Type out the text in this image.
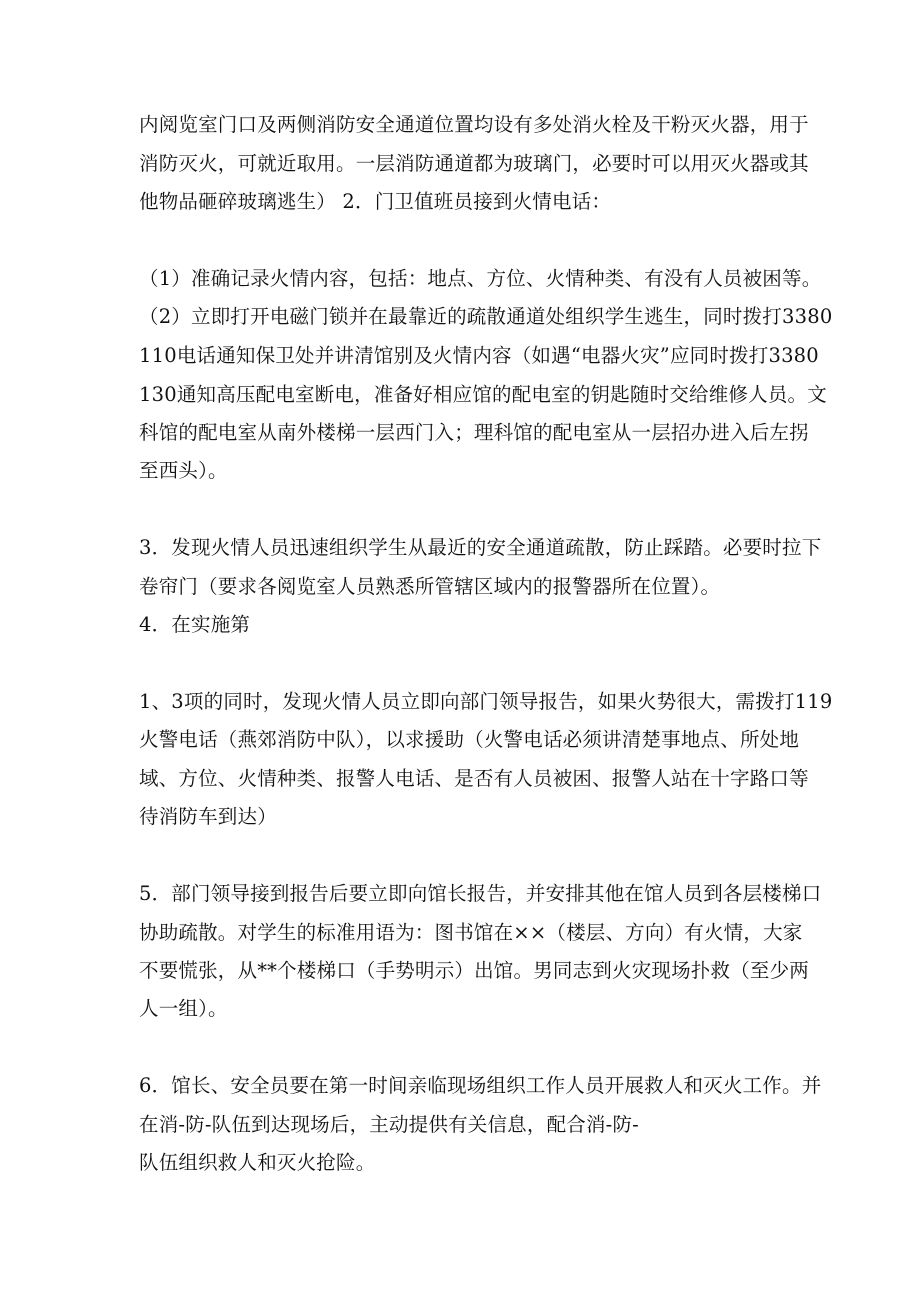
内阅览室门口及两侧消防安全通道位置均设有多处消火栓及干粉灭火器，用于
消防灭火，可就近取用。一层消防通道都为玻璃门，必要时可以用灭火器或其
他物品砸碎玻璃逃生） 2．门卫值班员接到火情电话：
（1）准确记录火情内容，包括：地点、方位、火情种类、有没有人员被困等。
（2）立即打开电磁门锁并在最靠近的疏散通道处组织学生逃生，同时拨打3380
110电话通知保卫处并讲清馆别及火情内容（如遇“电器火灾”应同时拨打3380
130通知高压配电室断电，准备好相应馆的配电室的钥匙随时交给维修人员。文
科馆的配电室从南外楼梯一层西门入；理科馆的配电室从一层招办进入后左拐
至西头）。
3．发现火情人员迅速组织学生从最近的安全通道疏散，防止踩踏。必要时拉下
卷帘门（要求各阅览室人员熟悉所管辖区域内的报警器所在位置）。
4．在实施第
1、3项的同时，发现火情人员立即向部门领导报告，如果火势很大，需拨打119
火警电话（燕郊消防中队），以求援助（火警电话必须讲清楚事地点、所处地
域、方位、火情种类、报警人电话、是否有人员被困、报警人站在十字路口等
待消防车到达）
5．部门领导接到报告后要立即向馆长报告，并安排其他在馆人员到各层楼梯口
协助疏散。对学生的标准用语为：图书馆在××（楼层、方向）有火情，大家
不要慌张，从**个楼梯口（手势明示）出馆。男同志到火灾现场扑救（至少两
人一组）。
6．馆长、安全员要在第一时间亲临现场组织工作人员开展救人和灭火工作。并
在消-防-队伍到达现场后，主动提供有关信息，配合消-防-
队伍组织救人和灭火抢险。
